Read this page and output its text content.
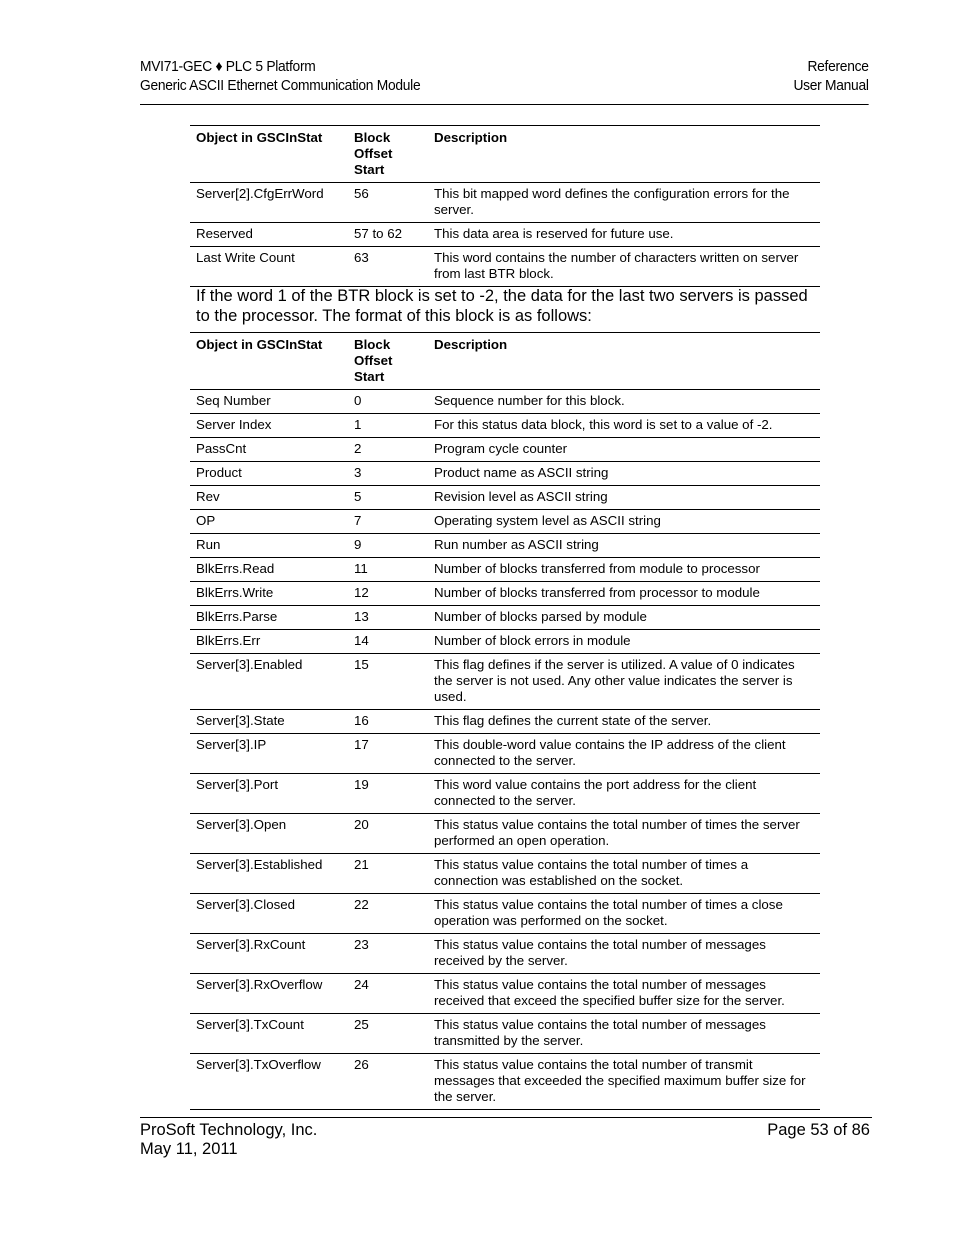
MVI71-GEC ♦ PLC 5 Platform
Generic ASCII Ethernet Communication Module
Reference
User Manual
Object in GSCInStat	Block Offset Start	Description
Server[2].CfgErrWord	56	This bit mapped word defines the configuration errors for the server.
Reserved	57 to 62	This data area is reserved for future use.
Last Write Count	63	This word contains the number of characters written on server from last BTR block.
If the word 1 of the BTR block is set to -2, the data for the last two servers is passed to the processor. The format of this block is as follows:
Object in GSCInStat	Block Offset Start	Description
Seq Number	0	Sequence number for this block.
Server Index	1	For this status data block, this word is set to a value of -2.
PassCnt	2	Program cycle counter
Product	3	Product name as ASCII string
Rev	5	Revision level as ASCII string
OP	7	Operating system level as ASCII string
Run	9	Run number as ASCII string
BlkErrs.Read	11	Number of blocks transferred from module to processor
BlkErrs.Write	12	Number of blocks transferred from processor to module
BlkErrs.Parse	13	Number of blocks parsed by module
BlkErrs.Err	14	Number of block errors in module
Server[3].Enabled	15	This flag defines if the server is utilized. A value of 0 indicates the server is not used. Any other value indicates the server is used.
Server[3].State	16	This flag defines the current state of the server.
Server[3].IP	17	This double-word value contains the IP address of the client connected to the server.
Server[3].Port	19	This word value contains the port address for the client connected to the server.
Server[3].Open	20	This status value contains the total number of times the server performed an open operation.
Server[3].Established	21	This status value contains the total number of times a connection was established on the socket.
Server[3].Closed	22	This status value contains the total number of times a close operation was performed on the socket.
Server[3].RxCount	23	This status value contains the total number of messages received by the server.
Server[3].RxOverflow	24	This status value contains the total number of messages received that exceed the specified buffer size for the server.
Server[3].TxCount	25	This status value contains the total number of messages transmitted by the server.
Server[3].TxOverflow	26	This status value contains the total number of transmit messages that exceeded the specified maximum buffer size for the server.
ProSoft Technology, Inc.
May 11, 2011
Page 53 of 86
